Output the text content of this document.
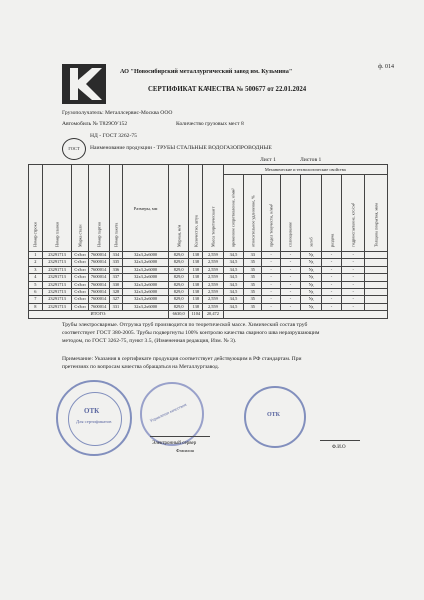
ф. 014
АО "Новосибирский металлургический завод им. Кузьмина"
СЕРТИФИКАТ КАЧЕСТВА № 500677 от 22.01.2024
Грузополучатель: Металлсервис-Москва ООО
Автомобиль № Т829ОУ152	Количество грузовых мест 8
НД - ГОСТ 3262-75
ГОСТ	Наименование продукции - ТРУБЫ СТАЛЬНЫЕ ВОДОГАЗОПРОВОДНЫЕ
Лист 1	Листов 1
Номер строки	Номер плавки	Марка стали	Номер партии	Номер пакета	Размеры, мм	Мерная, м/м	Количество, штук	Масса теоретическая т	Механические и технологические свойства							

									временное сопротивление, н/мм²	относительное удлинение, %	предел текучести, н/мм²	сплющивание	загиб	раздача	гидроиспытание, кгс/см²	Толщина покрытия, мкм

1	23291713	Ст3сп	7600014	334	32х3,2х6000	829,0	138	2,559	34,5	33	-	-	Уд	-	-	
2	23291713	Ст3сп	7600014	335	32х3,2х6000	829,0	138	2,559	34,5	35	-	-	Уд	-	-	
3	23291713	Ст3сп	7600014	336	32х3,2х6000	829,0	138	2,559	34,5	35	-	-	Уд	-	-	
4	23291713	Ст3сп	7600014	337	32х3,2х6000	829,0	138	2,559	34,5	35	-	-	Уд	-	-	
5	23291713	Ст3сп	7600014	330	32х3,2х6000	829,0	138	2,559	34,5	35	-	-	Уд	-	-	
6	23291713	Ст3сп	7600014	328	32х3,2х6000	829,0	138	2,559	34,5	35	-	-	Уд	-	-	
7	23291713	Ст3сп	7600014	327	32х3,2х6000	829,0	138	2,559	34,5	35	-	-	Уд	-	-	
8	23291713	Ст3сп	7600014	331	32х3,2х6000	829,0	138	2,559	34,5	35	-	-	Уд	-	-	
ИТОГО:						6630,0	1104	20,472								
Трубы электросварные. Отгрузка труб производится по теоретической массе. Химический состав труб
соответствует ГОСТ 380-2005. Трубы подвергнуты 100% контролю качества сварного шва неразрушающим
методом, по ГОСТ 3262-75, пункт 3.5, (Измененная редакция, Изм. № 3).
Примечание: Указания в сертификате продукция соответствует действующим в РФ стандартам. При
претензиях по вопросам качества обращаться на Металлургзавод.
ОТК
Для сертификатов	Управление качеством
Электронный сервер
Фамилия
ОТК
Ф.И.О
